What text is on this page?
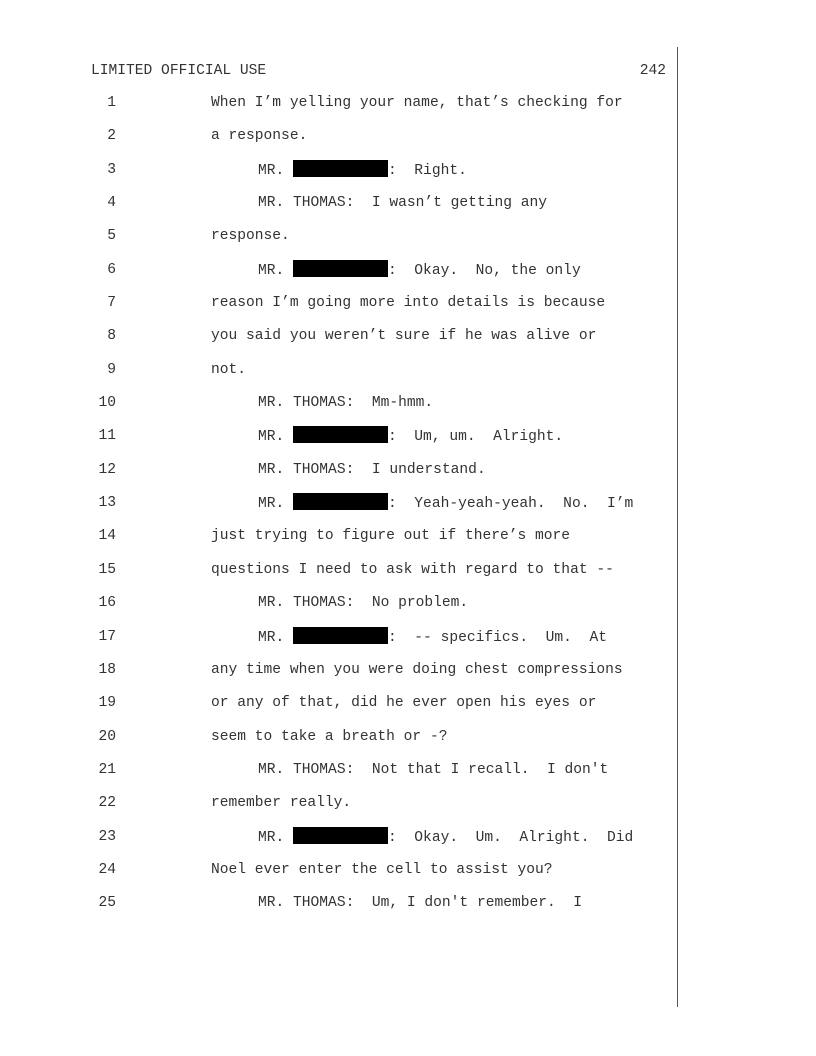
LIMITED OFFICIAL USE	242
1	When I’m yelling your name, that’s checking for
2	a response.
3	MR.	:  Right.
4	MR. THOMAS:  I wasn’t getting any
5	response.
6	MR.	:  Okay.  No, the only
7	reason I’m going more into details is because
8	you said you weren’t sure if he was alive or
9	not.
10	MR. THOMAS:  Mm-hmm.
11	MR.	:  Um, um.  Alright.
12	MR. THOMAS:  I understand.
13	MR.	:  Yeah-yeah-yeah.  No.  I’m
14	just trying to figure out if there’s more
15	questions I need to ask with regard to that --
16	MR. THOMAS:  No problem.
17	MR.	:  -- specifics.  Um.  At
18	any time when you were doing chest compressions
19	or any of that, did he ever open his eyes or
20	seem to take a breath or -?
21	MR. THOMAS:  Not that I recall.  I don't
22	remember really.
23	MR.	:  Okay.  Um.  Alright.  Did
24	Noel ever enter the cell to assist you?
25	MR. THOMAS:  Um, I don't remember.  I
